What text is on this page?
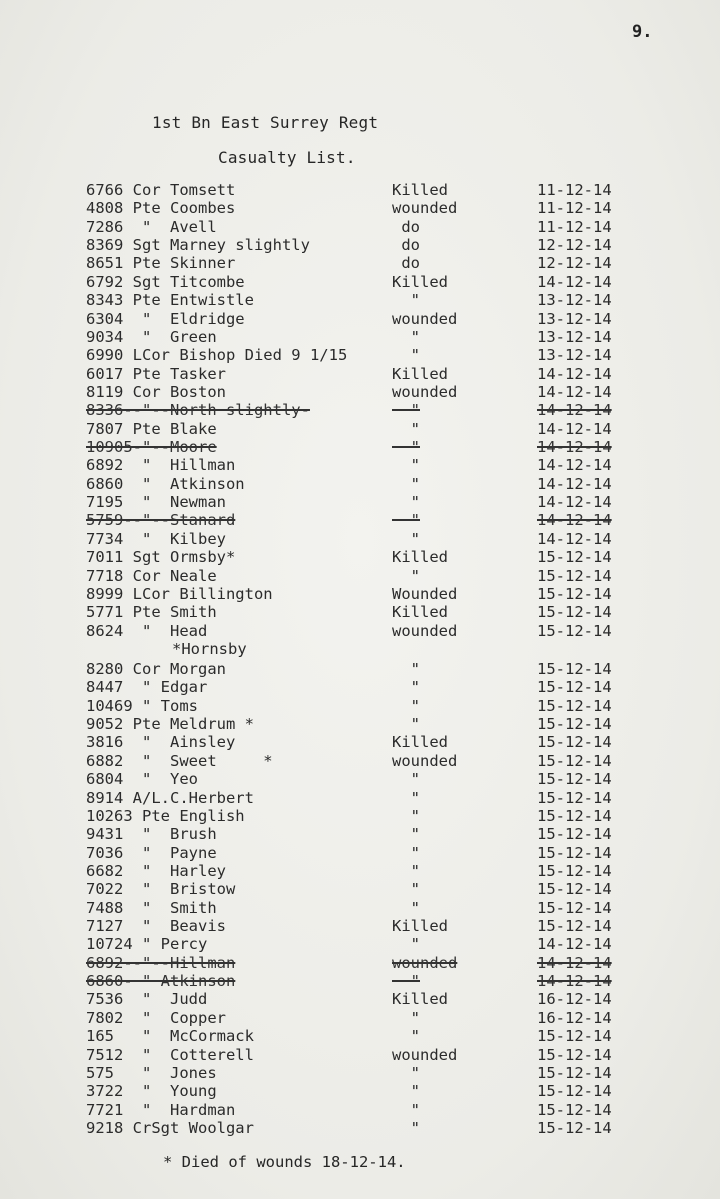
9.
1st Bn East Surrey Regt
Casualty List.
6766 Cor Tomsett	Killed	11-12-14
4808 Pte Coombes	wounded	11-12-14
7286  "  Avell	do	11-12-14
8369 Sgt Marney slightly	do	12-12-14
8651 Pte Skinner	do	12-12-14
6792 Sgt Titcombe	Killed	14-12-14
8343 Pte Entwistle	"	13-12-14
6304  "  Eldridge	wounded	13-12-14
9034  "  Green	"	13-12-14
6990 LCor Bishop Died 9 1/15	"	13-12-14
6017 Pte Tasker	Killed	14-12-14
8119 Cor Boston	wounded	14-12-14
8336--"--North slightly-	"	14-12-14
7807 Pte Blake	"	14-12-14
10905-"--Moore	"	14-12-14
6892  "  Hillman	"	14-12-14
6860  "  Atkinson	"	14-12-14
7195  "  Newman	"	14-12-14
5759--"--Stanard	"	14-12-14
7734  "  Kilbey	"	14-12-14
7011 Sgt Ormsby*	Killed	15-12-14
7718 Cor Neale	"	15-12-14
8999 LCor Billington	Wounded	15-12-14
5771 Pte Smith	Killed	15-12-14
8624  "  Head	wounded	15-12-14
*Hornsby
8280 Cor Morgan	"	15-12-14
8447  " Edgar	"	15-12-14
10469 " Toms	"	15-12-14
9052 Pte Meldrum *	"	15-12-14
3816  "  Ainsley	Killed	15-12-14
6882  "  Sweet     *	wounded	15-12-14
6804  "  Yeo	"	15-12-14
8914 A/L.C.Herbert	"	15-12-14
10263 Pte English	"	15-12-14
9431  "  Brush	"	15-12-14
7036  "  Payne	"	15-12-14
6682  "  Harley	"	15-12-14
7022  "  Bristow	"	15-12-14
7488  "  Smith	"	15-12-14
7127  "  Beavis	Killed	15-12-14
10724 " Percy	"	14-12-14
6892--"--Hillman	wounded	14-12-14
6860- " Atkinson	"	14-12-14
7536  "  Judd	Killed	16-12-14
7802  "  Copper	"	16-12-14
165   "  McCormack	"	15-12-14
7512  "  Cotterell	wounded	15-12-14
575   "  Jones	"	15-12-14
3722  "  Young	"	15-12-14
7721  "  Hardman	"	15-12-14
9218 CrSgt Woolgar	"	15-12-14
* Died of wounds 18-12-14.
